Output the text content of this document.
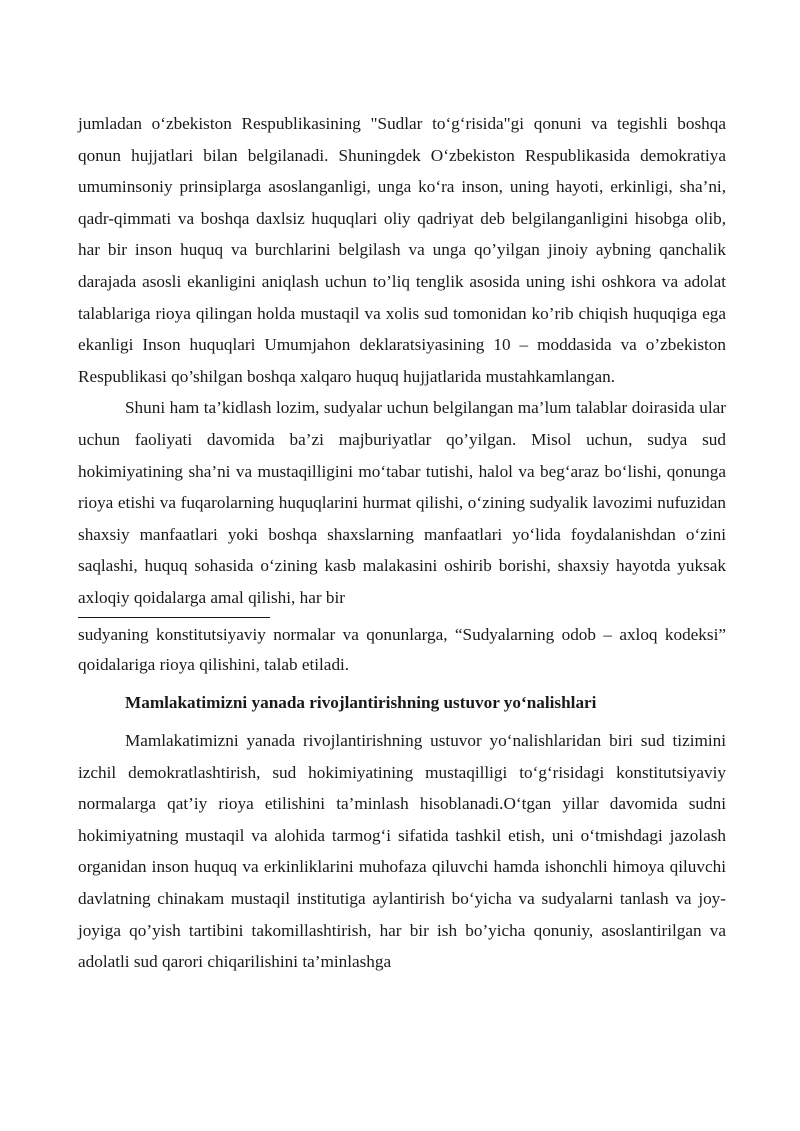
jumladan o‘zbekiston Respublikasining "Sudlar to‘g‘risida"gi qonuni va tegishli boshqa qonun hujjatlari bilan belgilanadi. Shuningdek O‘zbekiston Respublikasida demokratiya umuminsoniy prinsiplarga asoslanganligi, unga ko‘ra inson, uning hayoti, erkinligi, sha’ni, qadr-qimmati va boshqa daxlsiz huquqlari oliy qadriyat deb belgilanganligini hisobga olib, har bir inson huquq va burchlarini belgilash va unga qo’yilgan jinoiy aybning qanchalik darajada asosli ekanligini aniqlash uchun to’liq tenglik asosida uning ishi oshkora va adolat talablariga rioya qilingan holda mustaqil va xolis sud tomonidan ko’rib chiqish huquqiga ega ekanligi Inson huquqlari Umumjahon deklaratsiyasining 10 – moddasida va o’zbekiston Respublikasi qo’shilgan boshqa xalqaro huquq hujjatlarida mustahkamlangan.

Shuni ham ta’kidlash lozim, sudyalar uchun belgilangan ma’lum talablar doirasida ular uchun faoliyati davomida ba’zi majburiyatlar qo’yilgan. Misol uchun, sudya sud hokimiyatining sha’ni va mustaqilligini mo‘tabar tutishi, halol va beg‘araz bo‘lishi, qonunga rioya etishi va fuqarolarning huquqlarini hurmat qilishi, o‘zining sudyalik lavozimi nufuzidan shaxsiy manfaatlari yoki boshqa shaxslarning manfaatlari yo‘lida foydalanishdan o‘zini saqlashi, huquq sohasida o‘zining kasb malakasini oshirib borishi, shaxsiy hayotda yuksak axloqiy qoidalarga amal qilishi, har bir

sudyaning konstitutsiyaviy normalar va qonunlarga, “Sudyalarning odob – axloq kodeksi” qoidalariga rioya qilishini, talab etiladi.

Mamlakatimizni yanada rivojlantirishning ustuvor yo‘nalishlari

Mamlakatimizni yanada rivojlantirishning ustuvor yo‘nalishlaridan biri sud tizimini izchil demokratlashtirish, sud hokimiyatining mustaqilligi to‘g‘risidagi konstitutsiyaviy normalarga qat’iy rioya etilishini ta’minlash hisoblanadi.O‘tgan yillar davomida sudni hokimiyatning mustaqil va alohida tarmog‘i sifatida tashkil etish, uni o‘tmishdagi jazolash organidan inson huquq va erkinliklarini muhofaza qiluvchi hamda ishonchli himoya qiluvchi davlatning chinakam mustaqil institutiga aylantirish bo‘yicha va sudyalarni tanlash va joy-joyiga qo’yish tartibini takomillashtirish, har bir ish bo’yicha qonuniy, asoslantirilgan va adolatli sud qarori chiqarilishini ta’minlashga
